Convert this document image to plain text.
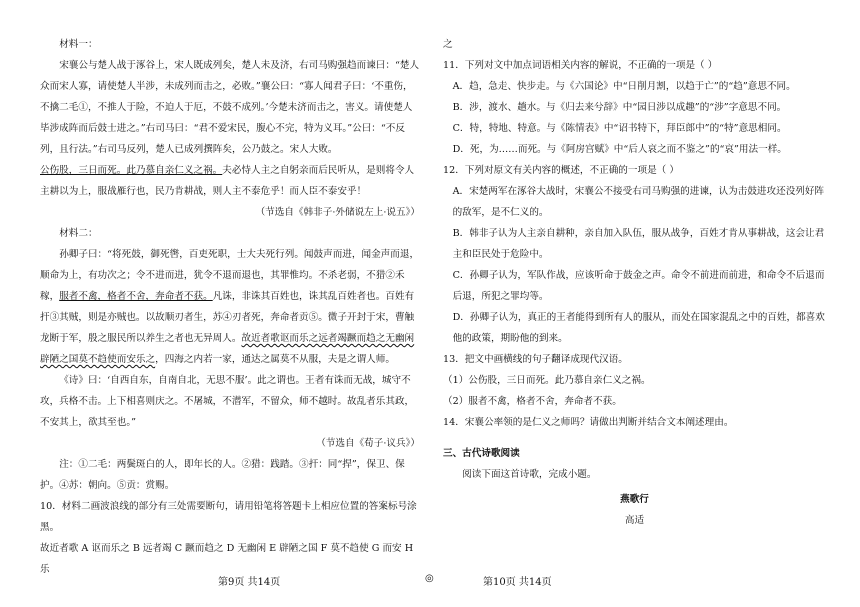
材料一：

宋襄公与楚人战于涿谷上，宋人既成列矣，楚人未及济，右司马购强趋而谏曰：“楚人众而宋人寡，请使楚人半涉，未成列而击之，必败。”襄公曰：“寡人闻君子曰：‘不重伤，不擒二毛①，不推人于险，不迫人于厄，不鼓不成列。’今楚未济而击之，害义。请使楚人毕涉成阵而后鼓士进之。”右司马曰：“君不爱宋民，腹心不完，特为义耳。”公曰：“不反列，且行法。”右司马反列，楚人已成列撰阵矣，公乃鼓之。宋人大败。

公伤股，三日而死。此乃慕自亲仁义之祸。夫必恃人主之自躬亲而后民听从，是则将令人主耕以为上，服战雁行也，民乃肯耕战，则人主不泰危乎！而人臣不泰安乎！

（节选自《韩非子·外储说左上·说五》）

材料二：

孙卿子曰：“将死鼓，御死辔，百吏死职，士大夫死行列。闻鼓声而进，闻金声而退，顺命为上，有功次之；令不进而进，犹令不退而退也，其罪惟均。不杀老弱，不猎②禾稼，服者不禽，格者不舍，奔命者不获。凡诛，非诛其百姓也，诛其乱百姓者也。百姓有扞③其贼，则是亦贼也。以故顺刃者生，苏④刃者死，奔命者贡⑤。微子开封于宋，曹触龙断于军，殷之服民所以养生之者也无异周人。故近者歌讴而乐之远者竭蹶而趋之无幽闲辟陋之国莫不趋使而安乐之，四海之内若一家，通达之属莫不从服，夫是之谓人师。

《诗》曰：‘自西自东，自南自北，无思不服’。此之谓也。王者有诛而无战，城守不攻，兵格不击。上下相喜则庆之。不屠城，不潜军，不留众，师不越时。故乱者乐其政，不安其上，欲其至也。”

（节选自《荀子·议兵》）

注：①二毛：两鬓斑白的人，即年长的人。②猎：践踏。③扞：同“捍”，保卫、保护。④苏：朝向。⑤贡：赏赐。

10．材料二画波浪线的部分有三处需要断句，请用铅笔将答题卡上相应位置的答案标号涂黑。

故近者歌 A 讴而乐之 B 远者竭 C 蹶而趋之 D 无幽闲 E 辟陋之国 F 莫不趋使 G 而安 H 乐

之

11．下列对文中加点词语相关内容的解说，不正确的一项是（ ）

A．趋，急走、快步走。与《六国论》中“日削月割，以趋于亡”的“趋”意思不同。

B．涉，渡水、趟水。与《归去来兮辞》中“园日涉以成趣”的“涉”字意思不同。

C．特，特地、特意。与《陈情表》中“诏书特下，拜臣郎中”的“特”意思相同。

D．死，为……而死。与《阿房宫赋》中“后人哀之而不鉴之”的“哀”用法一样。

12．下列对原文有关内容的概述，不正确的一项是（ ）

A．宋楚两军在涿谷大战时，宋襄公不接受右司马购强的进谏，认为击鼓进攻还没列好阵的敌军，是不仁义的。

B．韩非子认为人主亲自耕种，亲自加入队伍，服从战争，百姓才肯从事耕战，这会让君主和臣民处于危险中。

C．孙卿子认为，军队作战，应该听命于鼓金之声。命令不前进而前进，和命令不后退而后退，所犯之罪均等。

D．孙卿子认为，真正的王者能得到所有人的服从，而处在国家混乱之中的百姓，都喜欢他的政策，期盼他的到来。

13．把文中画横线的句子翻译成现代汉语。

（1）公伤股，三日而死。此乃慕自亲仁义之祸。

（2）服者不禽，格者不舍，奔命者不获。

14．宋襄公率领的是仁义之师吗？请做出判断并结合文本阐述理由。

三、古代诗歌阅读

阅读下面这首诗歌，完成小题。

燕歌行

高适

第9页 共14页	◎	第10页 共14页
